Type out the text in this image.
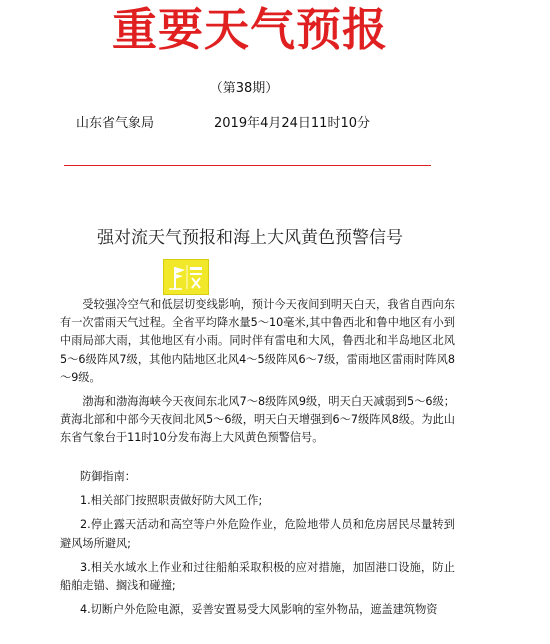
重要天气预报
（第38期）
山东省气象局	2019年4月24日11时10分
强对流天气预报和海上大风黄色预警信号

受较强冷空气和低层切变线影响，预计今天夜间到明天白天，我省自西向东有一次雷雨天气过程。全省平均降水量5～10毫米,其中鲁西北和鲁中地区有小到中雨局部大雨，其他地区有小雨。同时伴有雷电和大风，鲁西北和半岛地区北风5～6级阵风7级，其他内陆地区北风4～5级阵风6～7级，雷雨地区雷雨时阵风8～9级。

渤海和渤海海峡今天夜间东北风7～8级阵风9级，明天白天减弱到5～6级；黄海北部和中部今天夜间北风5～6级，明天白天增强到6～7级阵风8级。为此山东省气象台于11时10分发布海上大风黄色预警信号。

防御指南：

1.相关部门按照职责做好防大风工作;

2.停止露天活动和高空等户外危险作业，危险地带人员和危房居民尽量转到避风场所避风;

3.相关水域水上作业和过往船舶采取积极的应对措施，加固港口设施，防止船舶走锚、搁浅和碰撞;

4.切断户外危险电源，妥善安置易受大风影响的室外物品，遮盖建筑物资
